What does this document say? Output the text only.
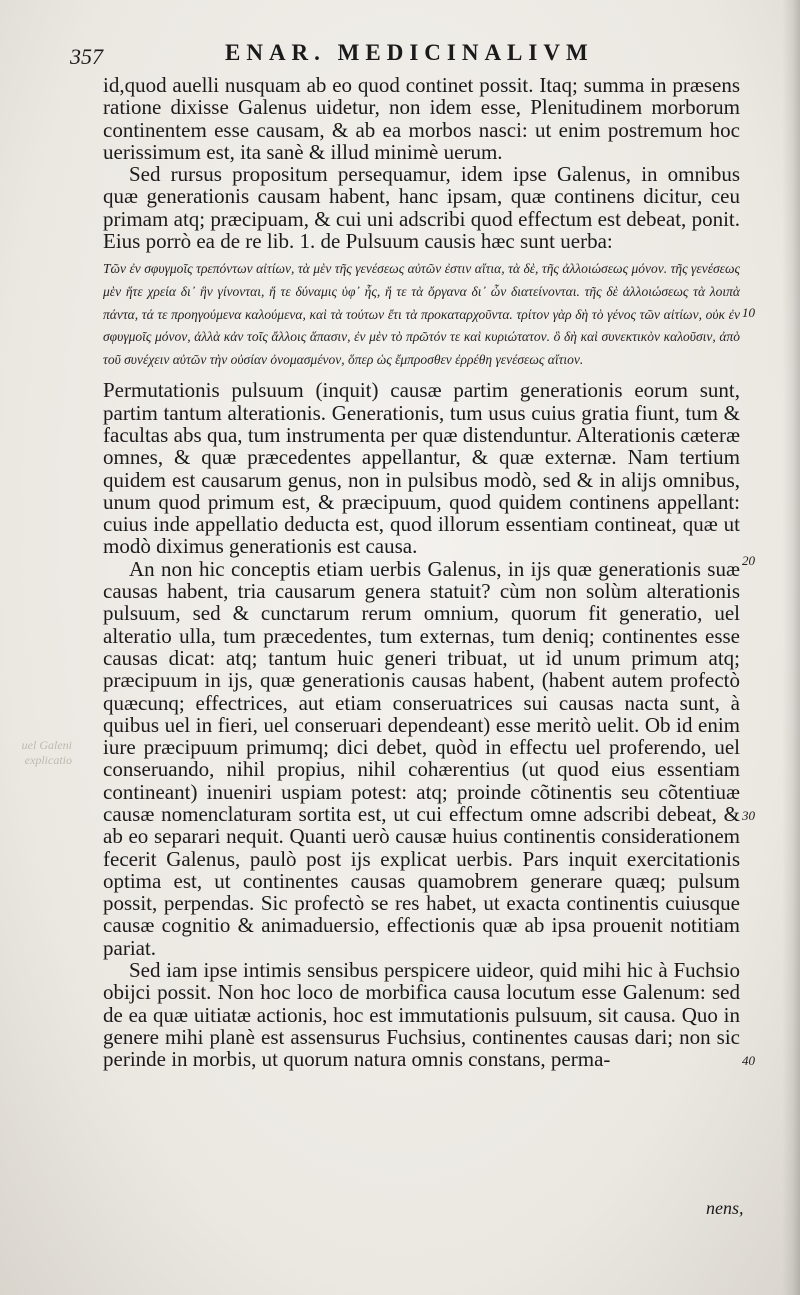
357	ENAR. MEDICINALIVM
uel Galeni explicatio

id,quod auelli nusquam ab eo quod continet possit. Itaq; summa in præsens ratione dixisse Galenus uidetur, non idem esse, Plenitudinem morborum continentem esse causam, & ab ea morbos nasci: ut enim postremum hoc uerissimum est, ita sanè & illud minimè uerum.

Sed rursus propositum persequamur, idem ipse Galenus, in omnibus quæ generationis causam habent, hanc ipsam, quæ continens dicitur, ceu primam atq; præcipuam, & cui uni adscribi quod effectum est debeat, ponit. Eius porrò ea de re lib. 1. de Pulsuum causis hæc sunt uerba:

Τῶν ἐν σφυγμοῖς τρεπόντων αἰτίων, τὰ μὲν τῆς γενέσεως αὐτῶν ἐστιν αἴτια, τὰ δὲ, τῆς ἀλλοιώσεως μόνον. τῆς γενέσεως μὲν ἥτε χρεία δι᾽ ἣν γίνονται, ἥ τε δύναμις ὑφ᾽ ἧς, ἥ τε τὰ ὄργανα δι᾽ ὧν διατείνονται. τῆς δὲ ἀλλοιώσεως τὰ λοιπὰ πάντα, τά τε προηγούμενα καλούμενα, καὶ τὰ τούτων ἔτι τὰ προκαταρχοῦντα. τρίτον γὰρ δὴ τὸ γένος τῶν αἰτίων, οὐκ ἐν σφυγμοῖς μόνον, ἀλλὰ κἀν τοῖς ἄλλοις ἅπασιν, ἐν μὲν τὸ πρῶτόν τε καὶ κυριώτατον. ὃ δὴ καὶ συνεκτικὸν καλοῦσιν, ἀπὸ τοῦ συνέχειν αὐτῶν τὴν οὐσίαν ὀνομασμένον, ὅπερ ὡς ἔμπροσθεν ἐρρέθη γενέσεως αἴτιον.

Permutationis pulsuum (inquit) causæ partim generationis eorum sunt, partim tantum alterationis. Generationis, tum usus cuius gratia fiunt, tum & facultas abs qua, tum instrumenta per quæ distenduntur. Alterationis cæteræ omnes, & quæ præcedentes appellantur, & quæ externæ. Nam tertium quidem est causarum genus, non in pulsibus modò, sed & in alijs omnibus, unum quod primum est, & præcipuum, quod quidem continens appellant: cuius inde appellatio deducta est, quod illorum essentiam contineat, quæ ut modò diximus generationis est causa.

An non hic conceptis etiam uerbis Galenus, in ijs quæ generationis suæ causas habent, tria causarum genera statuit? cùm non solùm alterationis pulsuum, sed & cunctarum rerum omnium, quorum fit generatio, uel alteratio ulla, tum præcedentes, tum externas, tum deniq; continentes esse causas dicat: atq; tantum huic generi tribuat, ut id unum primum atq; præcipuum in ijs, quæ generationis causas habent, (habent autem profectò quæcunq; effectrices, aut etiam conseruatrices sui causas nacta sunt, à quibus uel in fieri, uel conseruari dependeant) esse meritò uelit. Ob id enim iure præcipuum primumq; dici debet, quòd in effectu uel proferendo, uel conseruando, nihil propius, nihil cohærentius (ut quod eius essentiam contineant) inueniri uspiam potest: atq; proinde cõtinentis seu cõtentiuæ causæ nomenclaturam sortita est, ut cui effectum omne adscribi debeat, & ab eo separari nequit. Quanti uerò causæ huius continentis considerationem fecerit Galenus, paulò post ijs explicat uerbis. Pars inquit exercitationis optima est, ut continentes causas quamobrem generare quæq; pulsum possit, perpendas. Sic profectò se res habet, ut exacta continentis cuiusque causæ cognitio & animaduersio, effectionis quæ ab ipsa prouenit notitiam pariat.

Sed iam ipse intimis sensibus perspicere uideor, quid mihi hic à Fuchsio obijci possit. Non hoc loco de morbifica causa locutum esse Galenum: sed de ea quæ uitiatæ actionis, hoc est immutationis pulsuum, sit causa. Quo in genere mihi planè est assensurus Fuchsius, continentes causas dari; non sic perinde in morbis, ut quorum natura omnis constans, perma-

10
20
30
40
nens,
